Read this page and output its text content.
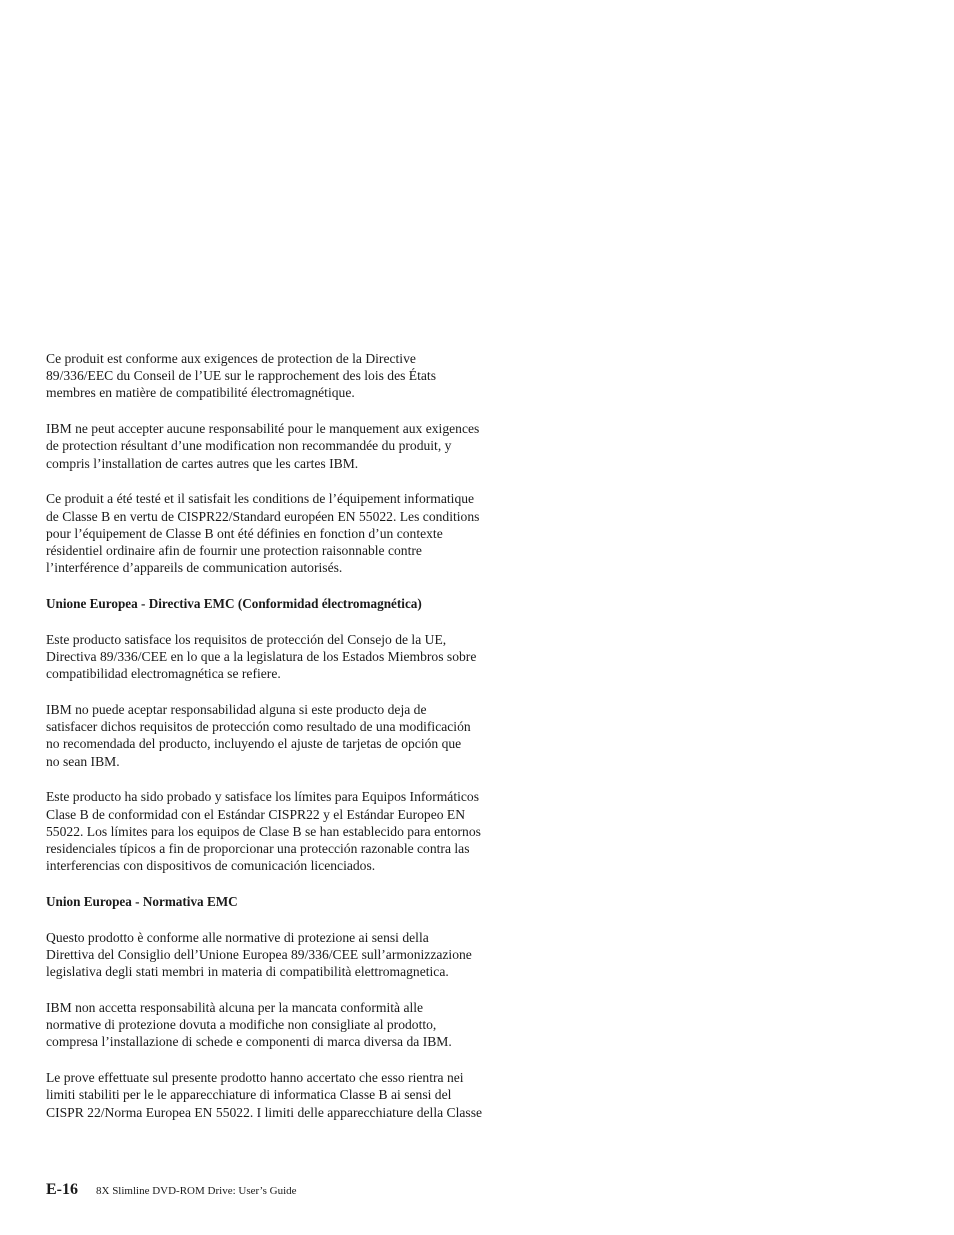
Ce produit est conforme aux exigences de protection de la Directive
89/336/EEC du Conseil de l’UE sur le rapprochement des lois des États
membres en matière de compatibilité électromagnétique.
IBM ne peut accepter aucune responsabilité pour le manquement aux exigences
de protection résultant d’une modification non recommandée du produit, y
compris l’installation de cartes autres que les cartes IBM.
Ce produit a été testé et il satisfait les conditions de l’équipement informatique
de Classe B en vertu de CISPR22/Standard européen EN 55022. Les conditions
pour l’équipement de Classe B ont été définies en fonction d’un contexte
résidentiel ordinaire afin de fournir une protection raisonnable contre
l’interférence d’appareils de communication autorisés.
Unione Europea - Directiva EMC (Conformidad électromagnética)
Este producto satisface los requisitos de protección del Consejo de la UE,
Directiva 89/336/CEE en lo que a la legislatura de los Estados Miembros sobre
compatibilidad electromagnética se refiere.
IBM no puede aceptar responsabilidad alguna si este producto deja de
satisfacer dichos requisitos de protección como resultado de una modificación
no recomendada del producto, incluyendo el ajuste de tarjetas de opción que
no sean IBM.
Este producto ha sido probado y satisface los límites para Equipos Informáticos
Clase B de conformidad con el Estándar CISPR22 y el Estándar Europeo EN
55022. Los límites para los equipos de Clase B se han establecido para entornos
residenciales típicos a fin de proporcionar una protección razonable contra las
interferencias con dispositivos de comunicación licenciados.
Union Europea - Normativa EMC
Questo prodotto è conforme alle normative di protezione ai sensi della
Direttiva del Consiglio dell’Unione Europea 89/336/CEE sull’armonizzazione
legislativa degli stati membri in materia di compatibilità elettromagnetica.
IBM non accetta responsabilità alcuna per la mancata conformità alle
normative di protezione dovuta a modifiche non consigliate al prodotto,
compresa l’installazione di schede e componenti di marca diversa da IBM.
Le prove effettuate sul presente prodotto hanno accertato che esso rientra nei
limiti stabiliti per le le apparecchiature di informatica Classe B ai sensi del
CISPR 22/Norma Europea EN 55022. I limiti delle apparecchiature della Classe
E-16 8X Slimline DVD-ROM Drive: User’s Guide
